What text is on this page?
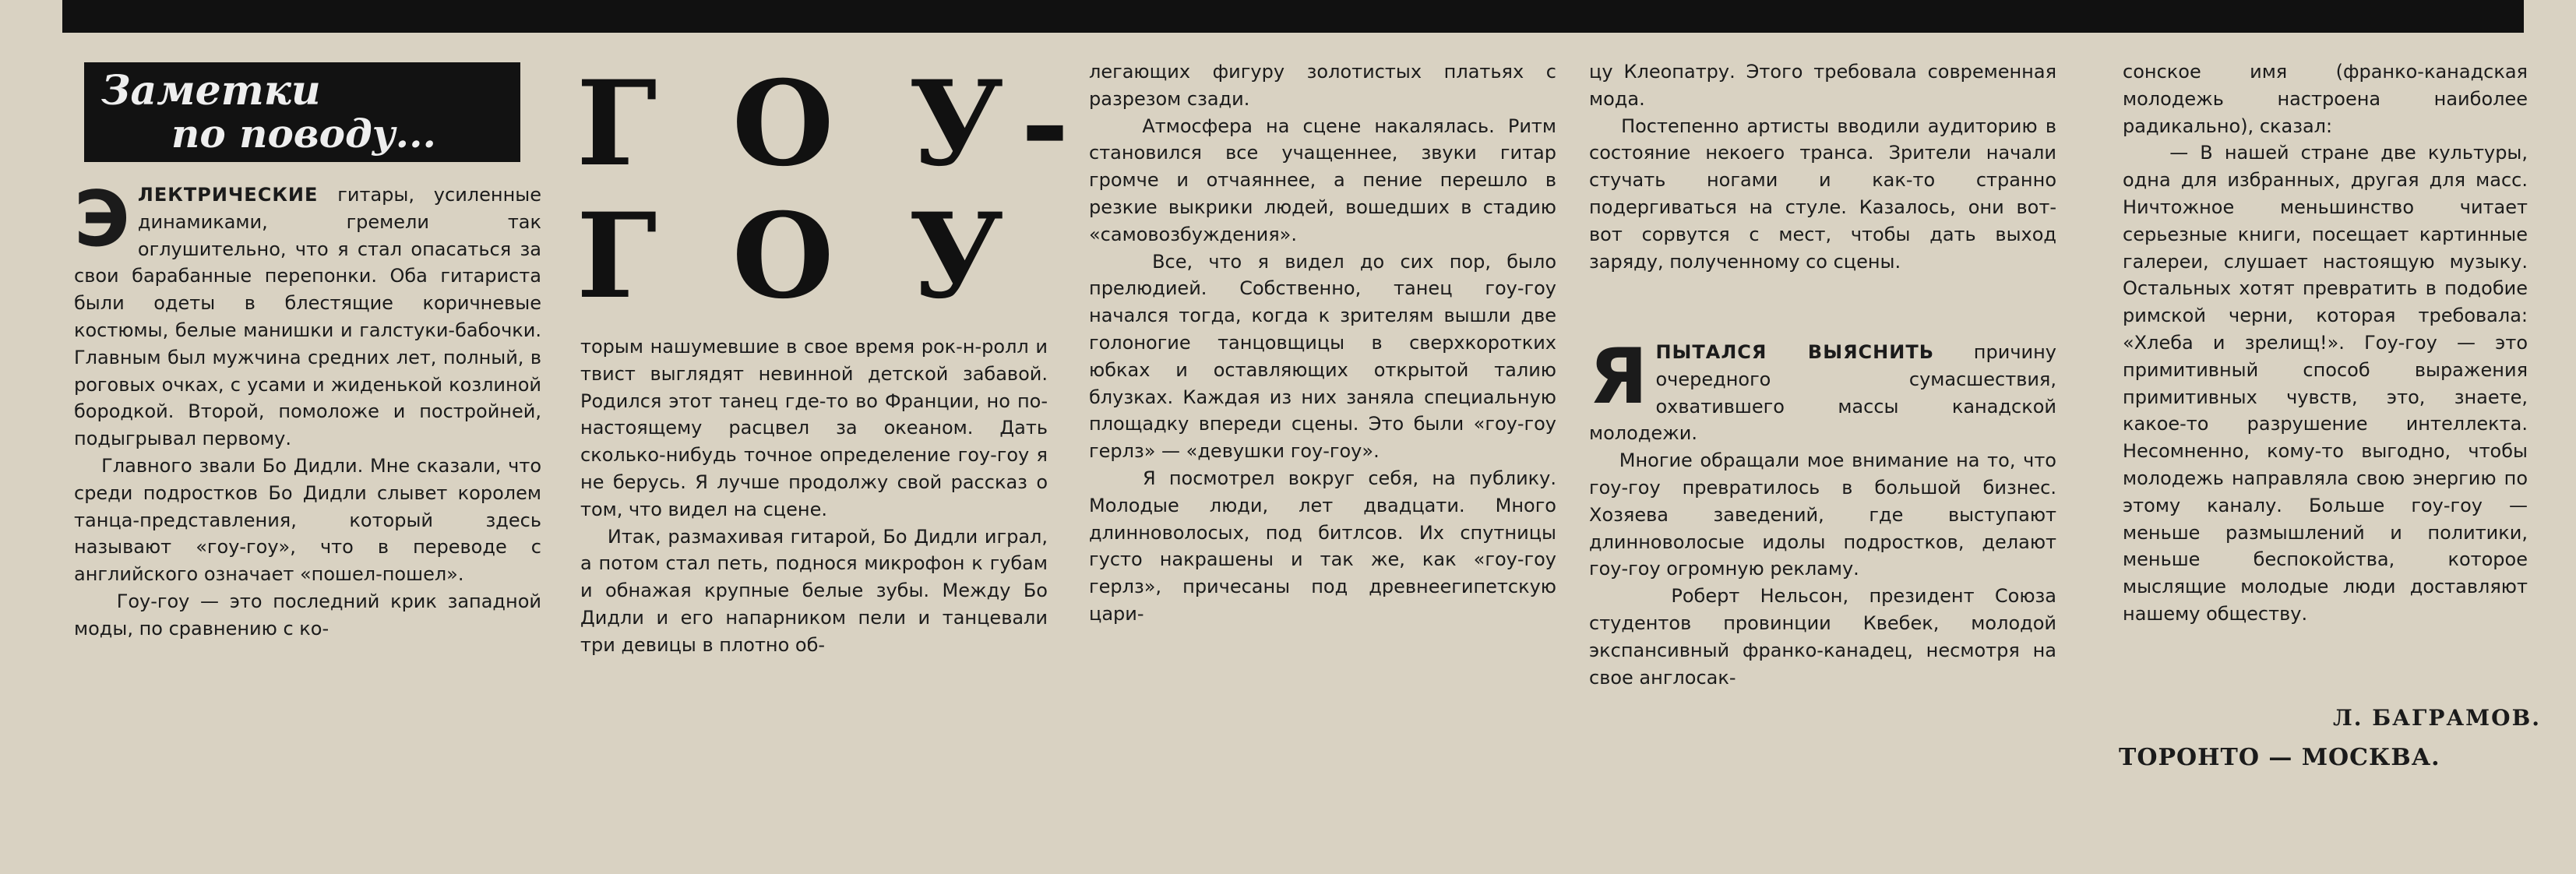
Заметки
по поводу... Г О У-
Г О У
ЭЛЕКТРИЧЕСКИЕ гитары, усиленные динамиками, гремели так оглушительно, что я стал опасаться за свои барабанные перепонки. Оба гитариста были одеты в блестящие коричневые костюмы, белые манишки и галстуки-бабочки. Главным был мужчина средних лет, полный, в роговых очках, с усами и жиденькой козлиной бородкой. Второй, помоложе и постройней, подыгрывал первому.
Главного звали Бо Дидли. Мне сказали, что среди подростков Бо Дидли слывет королем танца-представления, который здесь называют «гоу-гоу», что в переводе с английского означает «пошел-пошел».
Гоу-гоу — это последний крик западной моды, по сравнению с ко-
торым нашумевшие в свое время рок-н-ролл и твист выглядят невинной детской забавой. Родился этот танец где-то во Франции, но по-настоящему расцвел за океаном. Дать сколько-нибудь точное определение гоу-гоу я не берусь. Я лучше продолжу свой рассказ о том, что видел на сцене.
Итак, размахивая гитарой, Бо Дидли играл, а потом стал петь, поднося микрофон к губам и обнажая крупные белые зубы. Между Бо Дидли и его напарником пели и танцевали три девицы в плотно об-
легающих фигуру золотистых платьях с разрезом сзади.
Атмосфера на сцене накалялась. Ритм становился все учащеннее, звуки гитар громче и отчаяннее, а пение перешло в резкие выкрики людей, вошедших в стадию «самовозбуждения».
Все, что я видел до сих пор, было прелюдией. Собственно, танец гоу-гоу начался тогда, когда к зрителям вышли две голоногие танцовщицы в сверхкоротких юбках и оставляющих открытой талию блузках. Каждая из них заняла специальную площадку впереди сцены. Это были «гоу-гоу герлз» — «девушки гоу-гоу».
Я посмотрел вокруг себя, на публику. Молодые люди, лет двадцати. Много длинноволосых, под битлсов. Их спутницы густо накрашены и так же, как «гоу-гоу герлз», причесаны под древнеегипетскую цари-

цу Клеопатру. Этого требовала современная мода.
Постепенно артисты вводили аудиторию в состояние некоего транса. Зрители начали стучать ногами и как-то странно подергиваться на стуле. Казалось, они вот-вот сорвутся с мест, чтобы дать выход заряду, полученному со сцены.

ЯПЫТАЛСЯ ВЫЯСНИТЬ причину очередного сумасшествия, охватившего массы канадской молодежи.
Многие обращали мое внимание на то, что гоу-гоу превратилось в большой бизнес. Хозяева заведений, где выступают длинноволосые идолы подростков, делают гоу-гоу огромную рекламу.
Роберт Нельсон, президент Союза студентов провинции Квебек, молодой экспансивный франко-канадец, несмотря на свое англосак-

сонское имя (франко-канадская молодежь настроена наиболее радикально), сказал:
— В нашей стране две культуры, одна для избранных, другая для масс. Ничтожное меньшинство читает серьезные книги, посещает картинные галереи, слушает настоящую музыку. Остальных хотят превратить в подобие римской черни, которая требовала: «Хлеба и зрелищ!». Гоу-гоу — это примитивный способ выражения примитивных чувств, это, знаете, какое-то разрушение интеллекта. Несомненно, кому-то выгодно, чтобы молодежь направляла свою энергию по этому каналу. Больше гоу-гоу — меньше размышлений и политики, меньше беспокойства, которое мыслящие молодые люди доставляют нашему обществу.
Л. БАГРАМОВ.
ТОРОНТО — МОСКВА.
